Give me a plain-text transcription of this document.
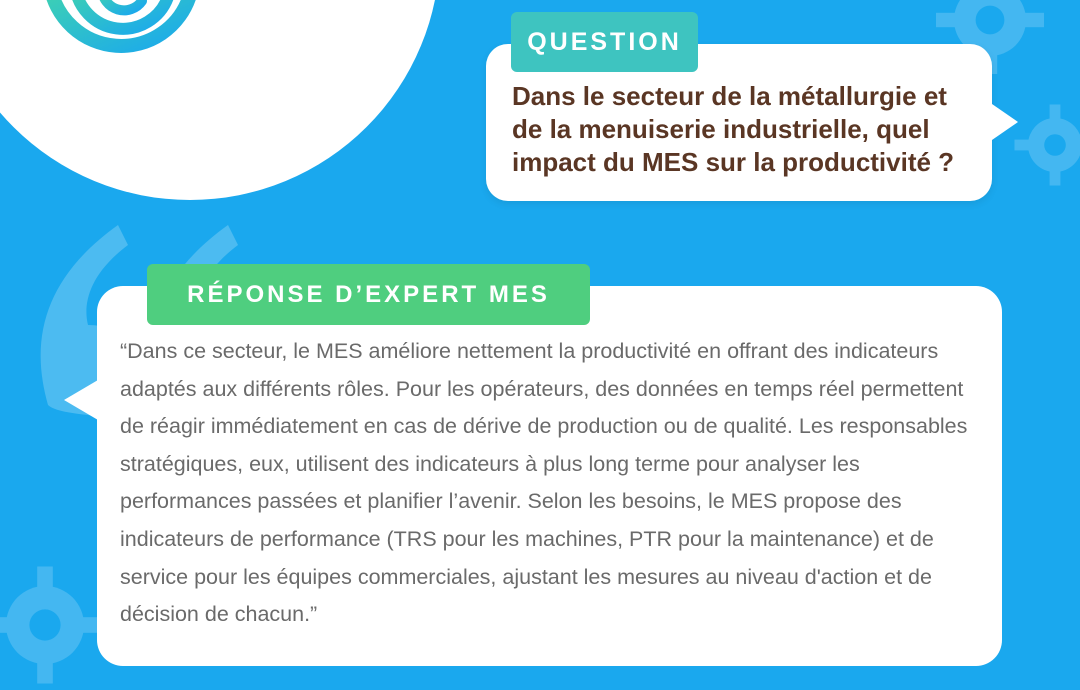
QUESTION

Dans le secteur de la métallurgie et de la menuiserie industrielle, quel impact du MES sur la productivité ?

RÉPONSE D’EXPERT MES

“Dans ce secteur, le MES améliore nettement la productivité en offrant des indicateurs adaptés aux différents rôles. Pour les opérateurs, des données en temps réel permettent de réagir immédiatement en cas de dérive de production ou de qualité. Les responsables stratégiques, eux, utilisent des indicateurs à plus long terme pour analyser les performances passées et planifier l’avenir. Selon les besoins, le MES propose des indicateurs de performance (TRS pour les machines, PTR pour la maintenance) et de service pour les équipes commerciales, ajustant les mesures au niveau d'action et de décision de chacun.”
